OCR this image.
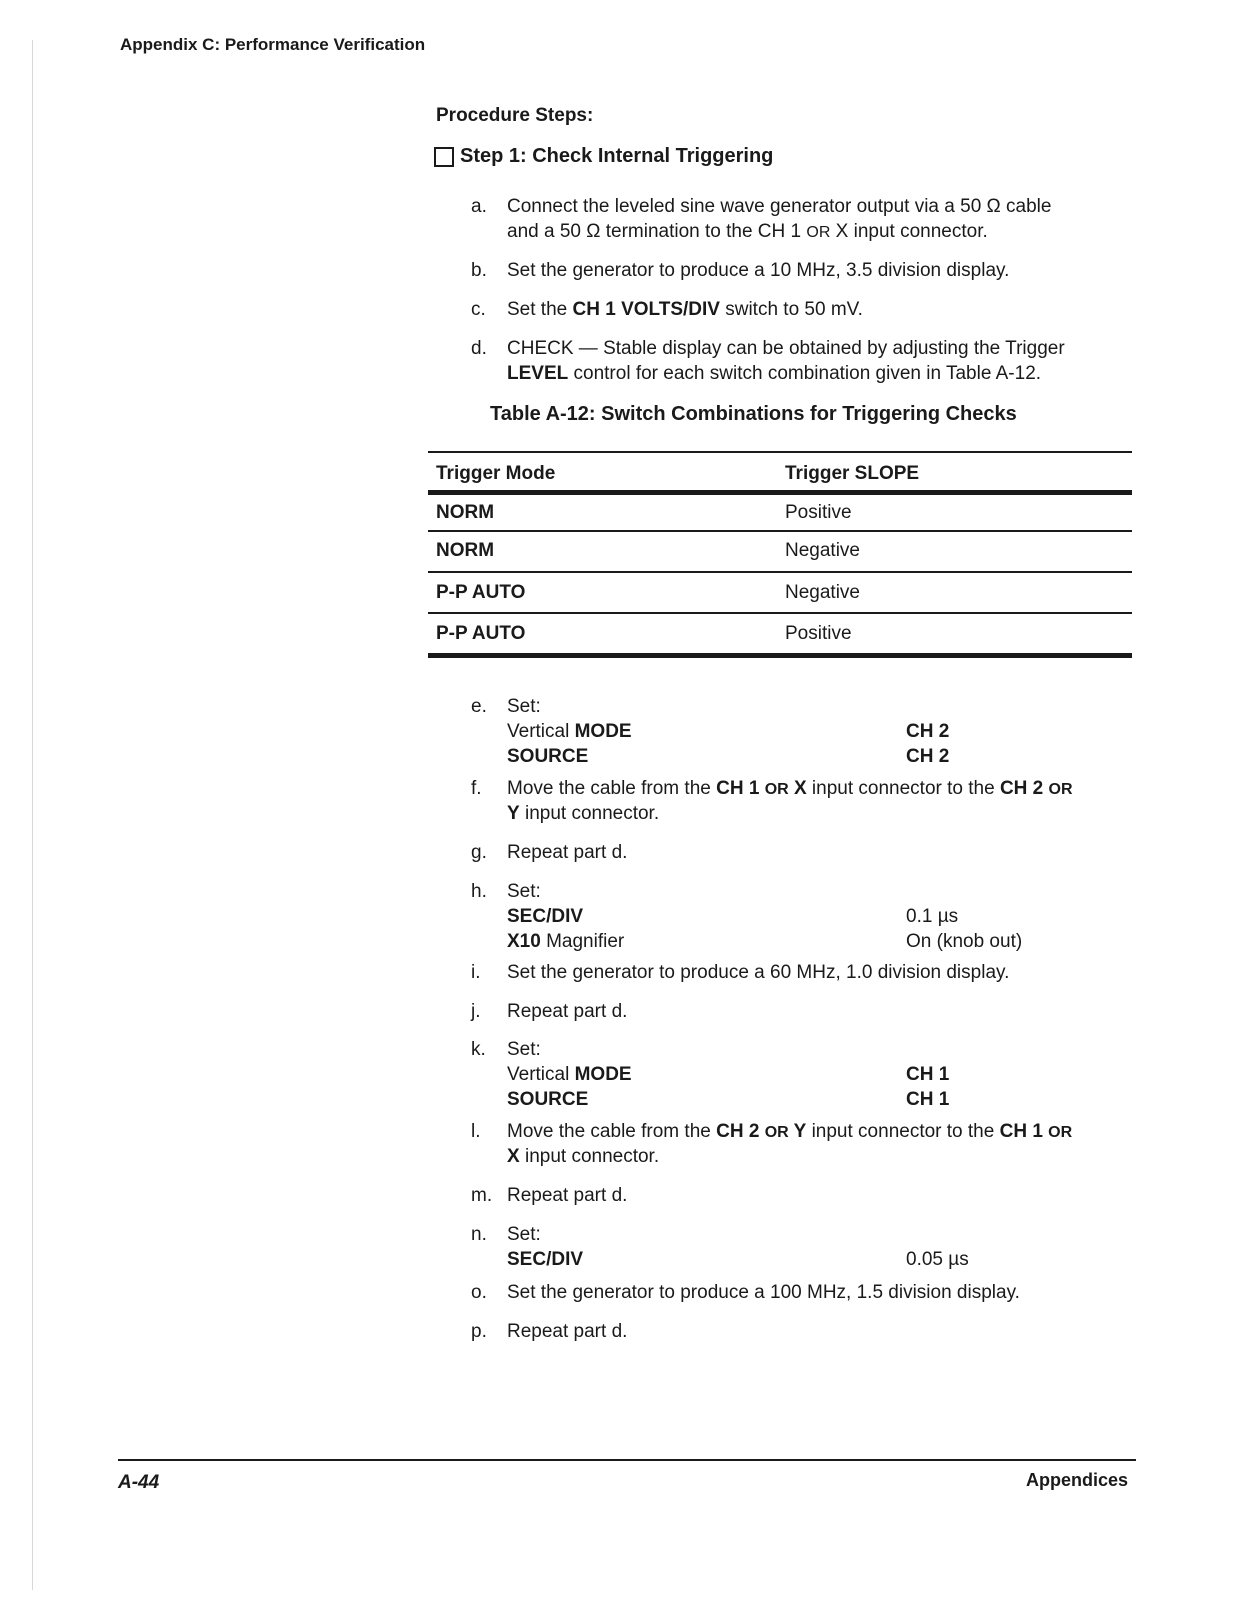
Appendix C: Performance Verification
Procedure Steps:
Step 1: Check Internal Triggering
a.	Connect the leveled sine wave generator output via a 50 Ω cable
and a 50 Ω termination to the CH 1 OR X input connector.
b.	Set the generator to produce a 10 MHz, 3.5 division display.
c.	Set the CH 1 VOLTS/DIV switch to 50 mV.
d.	CHECK — Stable display can be obtained by adjusting the Trigger
LEVEL control for each switch combination given in Table A-12.
Table A-12: Switch Combinations for Triggering Checks
Trigger Mode	Trigger SLOPE
NORM	Positive
NORM	Negative
P-P AUTO	Negative
P-P AUTO	Positive
e.	Set:
Vertical MODE	CH 2
SOURCE	CH 2
f.	Move the cable from the CH 1 OR X input connector to the CH 2 OR
Y input connector.
g.	Repeat part d.
h.	Set:
SEC/DIV	0.1 µs
X10 Magnifier	On (knob out)
i.	Set the generator to produce a 60 MHz, 1.0 division display.
j.	Repeat part d.
k.	Set:
Vertical MODE	CH 1
SOURCE	CH 1
l.	Move the cable from the CH 2 OR Y input connector to the CH 1 OR
X input connector.
m. Repeat part d.
n.	Set:
SEC/DIV	0.05 µs
o.	Set the generator to produce a 100 MHz, 1.5 division display.
p.	Repeat part d.
A-44	Appendices
